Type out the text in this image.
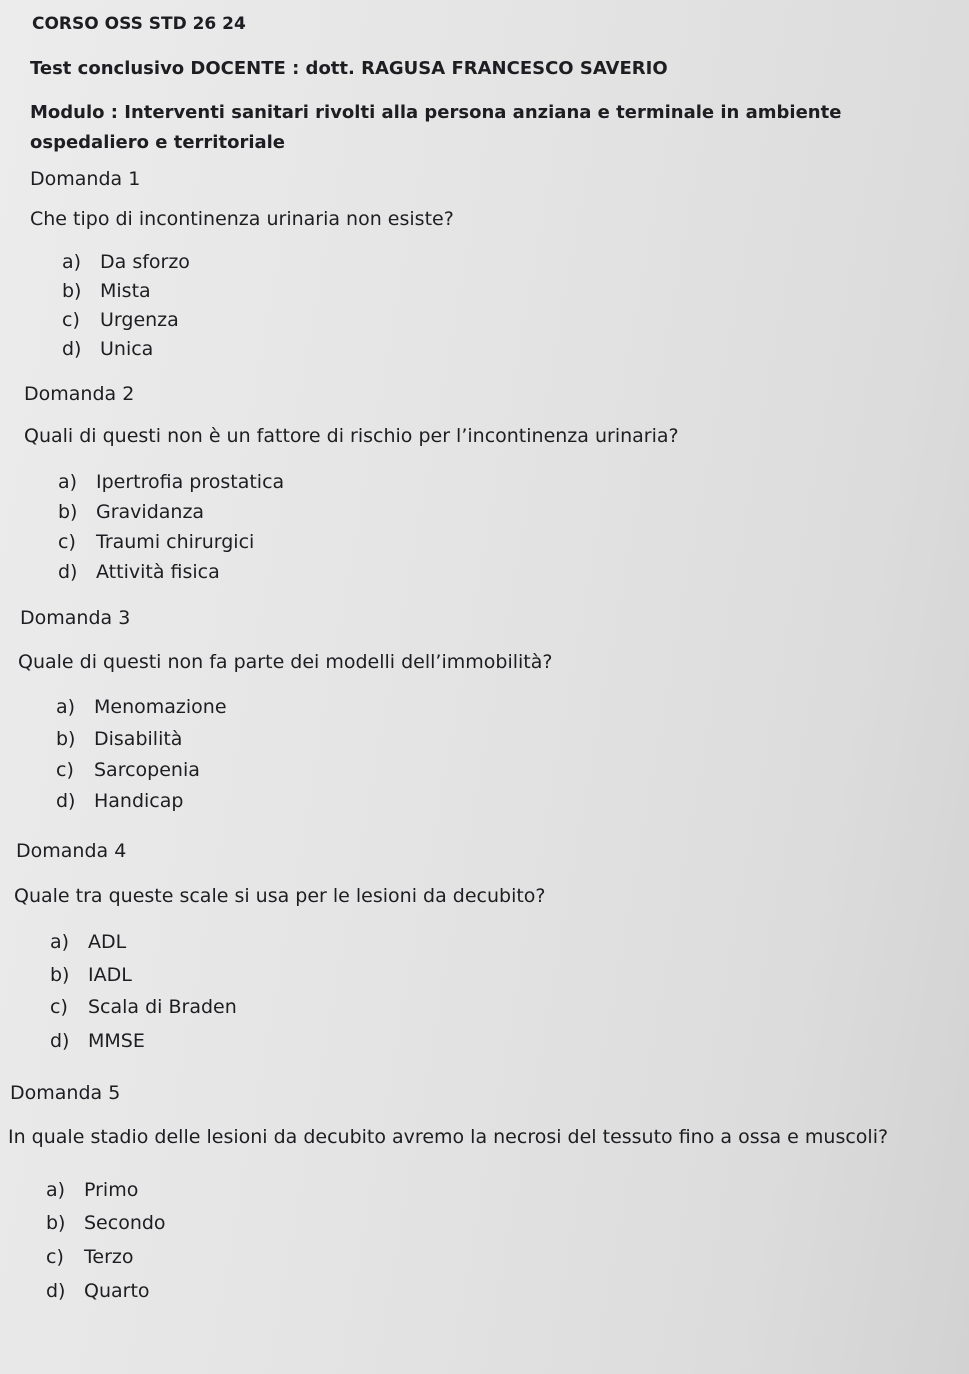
CORSO OSS STD 26 24
Test conclusivo DOCENTE : dott. RAGUSA FRANCESCO SAVERIO
Modulo : Interventi sanitari rivolti alla persona anziana e terminale in ambiente ospedaliero e territoriale
Domanda 1
Che tipo di incontinenza urinaria non esiste?
a) Da sforzo
b) Mista
c) Urgenza
d) Unica
Domanda 2
Quali di questi non è un fattore di rischio per l’incontinenza urinaria?
a) Ipertrofia prostatica
b) Gravidanza
c) Traumi chirurgici
d) Attività fisica
Domanda 3
Quale di questi non fa parte dei modelli dell’immobilità?
a) Menomazione
b) Disabilità
c) Sarcopenia
d) Handicap
Domanda 4
Quale tra queste scale si usa per le lesioni da decubito?
a) ADL
b) IADL
c) Scala di Braden
d) MMSE
Domanda 5
In quale stadio delle lesioni da decubito avremo la necrosi del tessuto fino a ossa e muscoli?
a) Primo
b) Secondo
c) Terzo
d) Quarto
